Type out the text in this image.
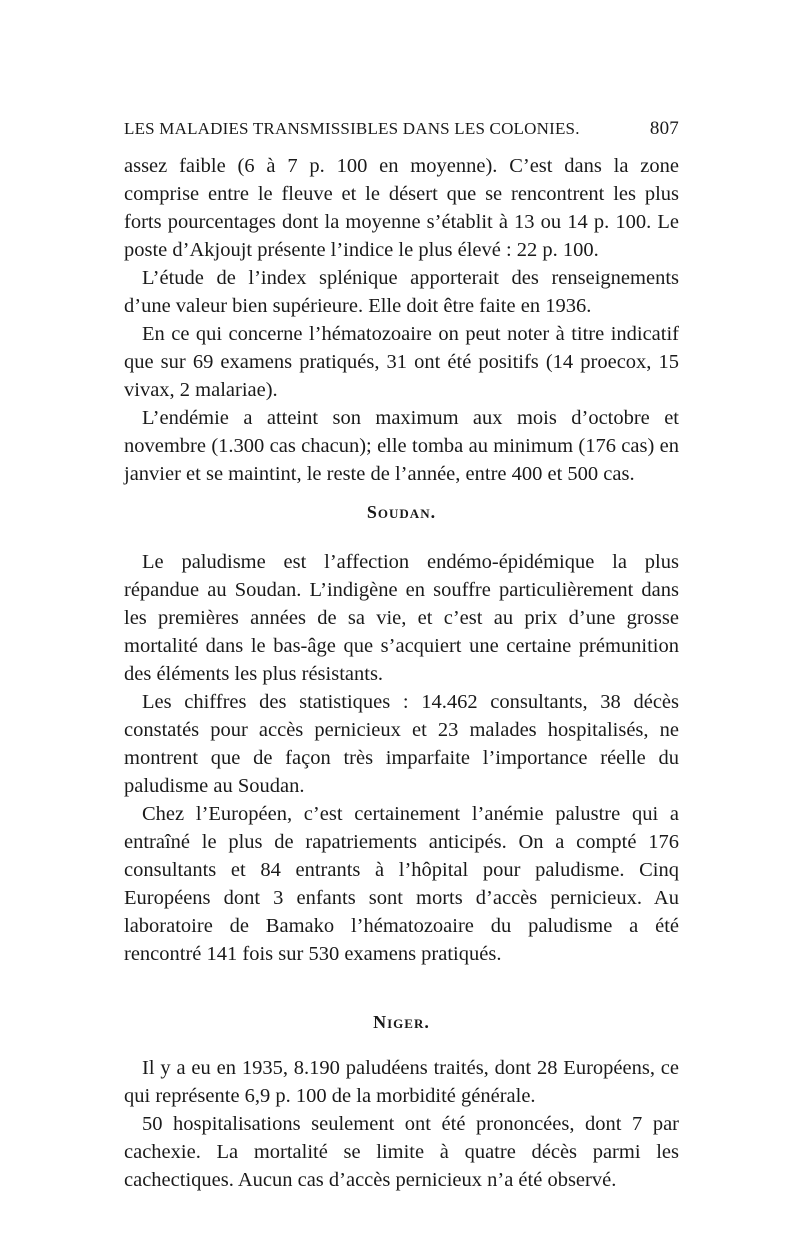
LES MALADIES TRANSMISSIBLES DANS LES COLONIES.	807

assez faible (6 à 7 p. 100 en moyenne). C’est dans la zone comprise entre le fleuve et le désert que se rencontrent les plus forts pourcentages dont la moyenne s’établit à 13 ou 14 p. 100. Le poste d’Akjoujt présente l’indice le plus élevé : 22 p. 100.

L’étude de l’index splénique apporterait des renseignements d’une valeur bien supérieure. Elle doit être faite en 1936.

En ce qui concerne l’hématozoaire on peut noter à titre indicatif que sur 69 examens pratiqués, 31 ont été positifs (14 proecox, 15 vivax, 2 malariae).

L’endémie a atteint son maximum aux mois d’octobre et novembre (1.300 cas chacun); elle tomba au minimum (176 cas) en janvier et se maintint, le reste de l’année, entre 400 et 500 cas.

Soudan.

Le paludisme est l’affection endémo-épidémique la plus répandue au Soudan. L’indigène en souffre particulièrement dans les premières années de sa vie, et c’est au prix d’une grosse mortalité dans le bas-âge que s’acquiert une certaine prémunition des éléments les plus résistants.

Les chiffres des statistiques : 14.462 consultants, 38 décès constatés pour accès pernicieux et 23 malades hospitalisés, ne montrent que de façon très imparfaite l’importance réelle du paludisme au Soudan.

Chez l’Européen, c’est certainement l’anémie palustre qui a entraîné le plus de rapatriements anticipés. On a compté 176 consultants et 84 entrants à l’hôpital pour paludisme. Cinq Européens dont 3 enfants sont morts d’accès pernicieux. Au laboratoire de Bamako l’hématozoaire du paludisme a été rencontré 141 fois sur 530 examens pratiqués.

Niger.

Il y a eu en 1935, 8.190 paludéens traités, dont 28 Européens, ce qui représente 6,9 p. 100 de la morbidité générale.

50 hospitalisations seulement ont été prononcées, dont 7 par cachexie. La mortalité se limite à quatre décès parmi les cachectiques. Aucun cas d’accès pernicieux n’a été observé.
